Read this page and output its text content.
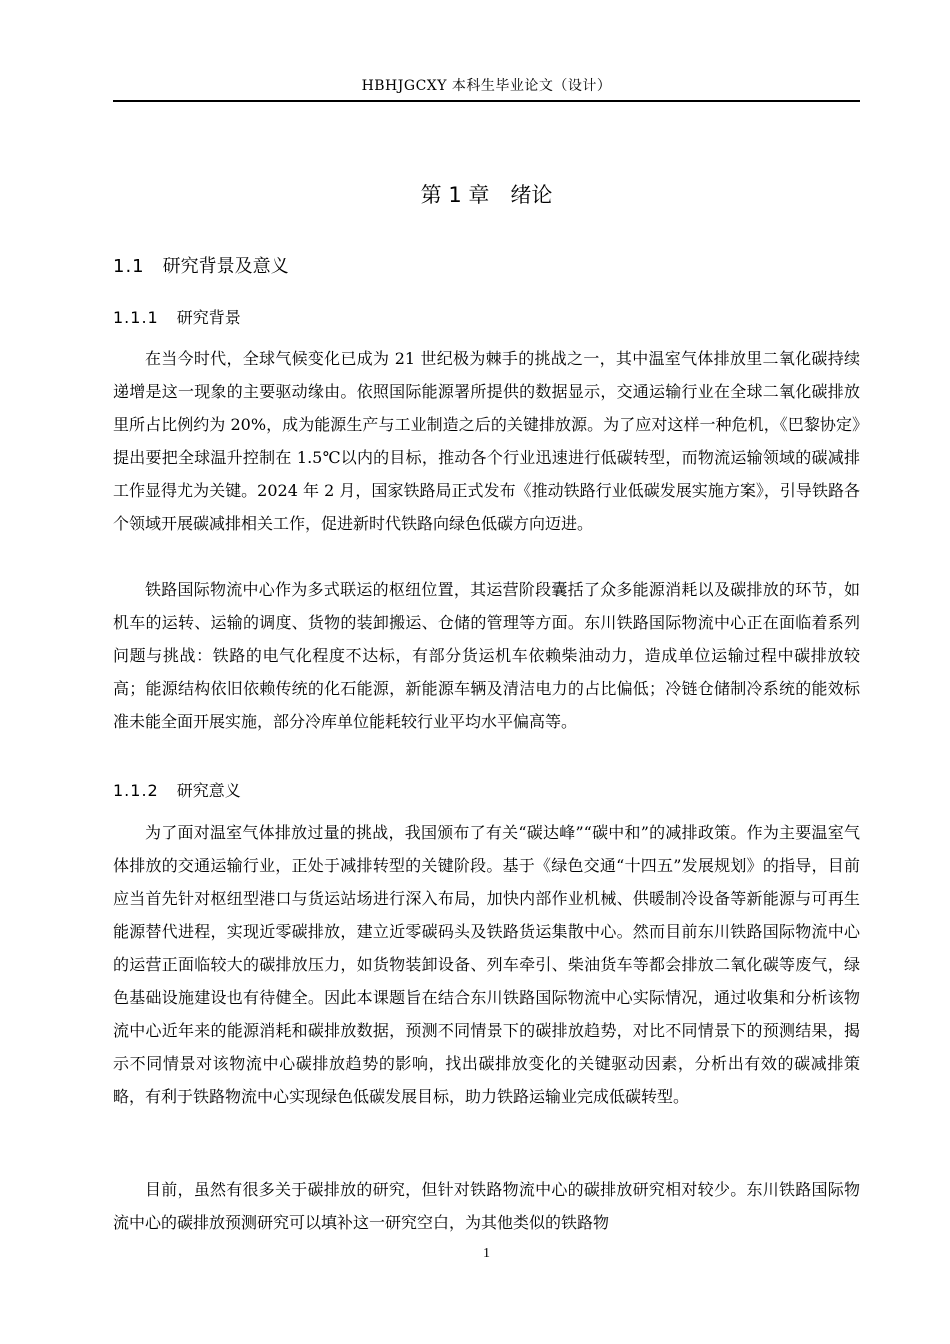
HBHJGCXY 本科生毕业论文（设计）
第 1 章　绪论
1.1 研究背景及意义
1.1.1 研究背景

在当今时代，全球气候变化已成为 21 世纪极为棘手的挑战之一，其中温室气体排放里二氧化碳持续递增是这一现象的主要驱动缘由。依照国际能源署所提供的数据显示，交通运输行业在全球二氧化碳排放里所占比例约为 20%，成为能源生产与工业制造之后的关键排放源。为了应对这样一种危机，《巴黎协定》提出要把全球温升控制在 1.5℃以内的目标，推动各个行业迅速进行低碳转型，而物流运输领域的碳减排工作显得尤为关键。2024 年 2 月，国家铁路局正式发布《推动铁路行业低碳发展实施方案》，引导铁路各个领域开展碳减排相关工作，促进新时代铁路向绿色低碳方向迈进。

铁路国际物流中心作为多式联运的枢纽位置，其运营阶段囊括了众多能源消耗以及碳排放的环节，如机车的运转、运输的调度、货物的装卸搬运、仓储的管理等方面。东川铁路国际物流中心正在面临着系列问题与挑战：铁路的电气化程度不达标，有部分货运机车依赖柴油动力，造成单位运输过程中碳排放较高；能源结构依旧依赖传统的化石能源，新能源车辆及清洁电力的占比偏低；冷链仓储制冷系统的能效标准未能全面开展实施，部分冷库单位能耗较行业平均水平偏高等。

1.1.2 研究意义

为了面对温室气体排放过量的挑战，我国颁布了有关“碳达峰”“碳中和”的减排政策。作为主要温室气体排放的交通运输行业，正处于减排转型的关键阶段。基于《绿色交通“十四五”发展规划》的指导，目前应当首先针对枢纽型港口与货运站场进行深入布局，加快内部作业机械、供暖制冷设备等新能源与可再生能源替代进程，实现近零碳排放，建立近零碳码头及铁路货运集散中心。然而目前东川铁路国际物流中心的运营正面临较大的碳排放压力，如货物装卸设备、列车牵引、柴油货车等都会排放二氧化碳等废气，绿色基础设施建设也有待健全。因此本课题旨在结合东川铁路国际物流中心实际情况，通过收集和分析该物流中心近年来的能源消耗和碳排放数据，预测不同情景下的碳排放趋势，对比不同情景下的预测结果，揭示不同情景对该物流中心碳排放趋势的影响，找出碳排放变化的关键驱动因素，分析出有效的碳减排策略，有利于铁路物流中心实现绿色低碳发展目标，助力铁路运输业完成低碳转型。

目前，虽然有很多关于碳排放的研究，但针对铁路物流中心的碳排放研究相对较少。东川铁路国际物流中心的碳排放预测研究可以填补这一研究空白，为其他类似的铁路物

1
